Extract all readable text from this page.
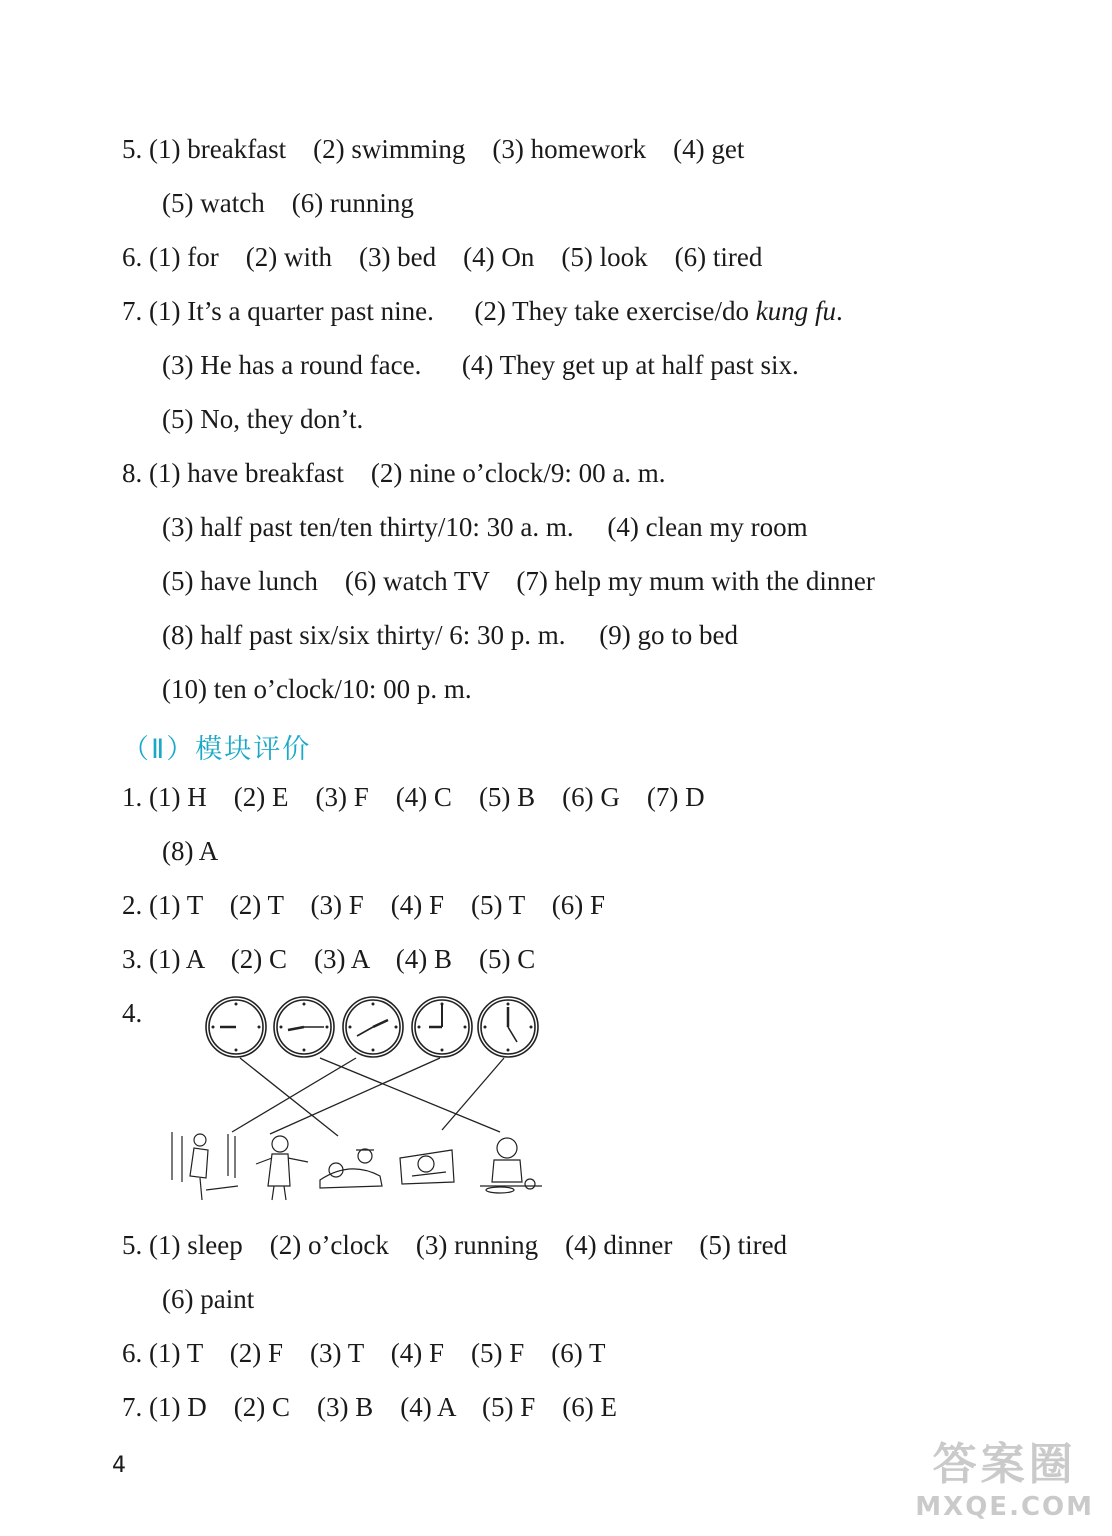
5. (1) breakfast    (2) swimming    (3) homework    (4) get
(5) watch    (6) running
6. (1) for    (2) with    (3) bed    (4) On    (5) look    (6) tired
7. (1) It’s a quarter past nine.      (2) They take exercise/do kung fu.
(3) He has a round face.      (4) They get up at half past six.
(5) No, they don’t.
8. (1) have breakfast    (2) nine o’clock/9: 00 a. m.
(3) half past ten/ten thirty/10: 30 a. m.     (4) clean my room
(5) have lunch    (6) watch TV    (7) help my mum with the dinner
(8) half past six/six thirty/ 6: 30 p. m.     (9) go to bed
(10) ten o’clock/10: 00 p. m.
（Ⅱ）模块评价
1. (1) H    (2) E    (3) F    (4) C    (5) B    (6) G    (7) D
(8) A
2. (1) T    (2) T    (3) F    (4) F    (5) T    (6) F
3. (1) A    (2) C    (3) A    (4) B    (5) C
4.
5. (1) sleep    (2) o’clock    (3) running    (4) dinner    (5) tired
(6) paint
6. (1) T    (2) F    (3) T    (4) F    (5) F    (6) T
7. (1) D    (2) C    (3) B    (4) A    (5) F    (6) E
4	答案圈
MXQE.COM
